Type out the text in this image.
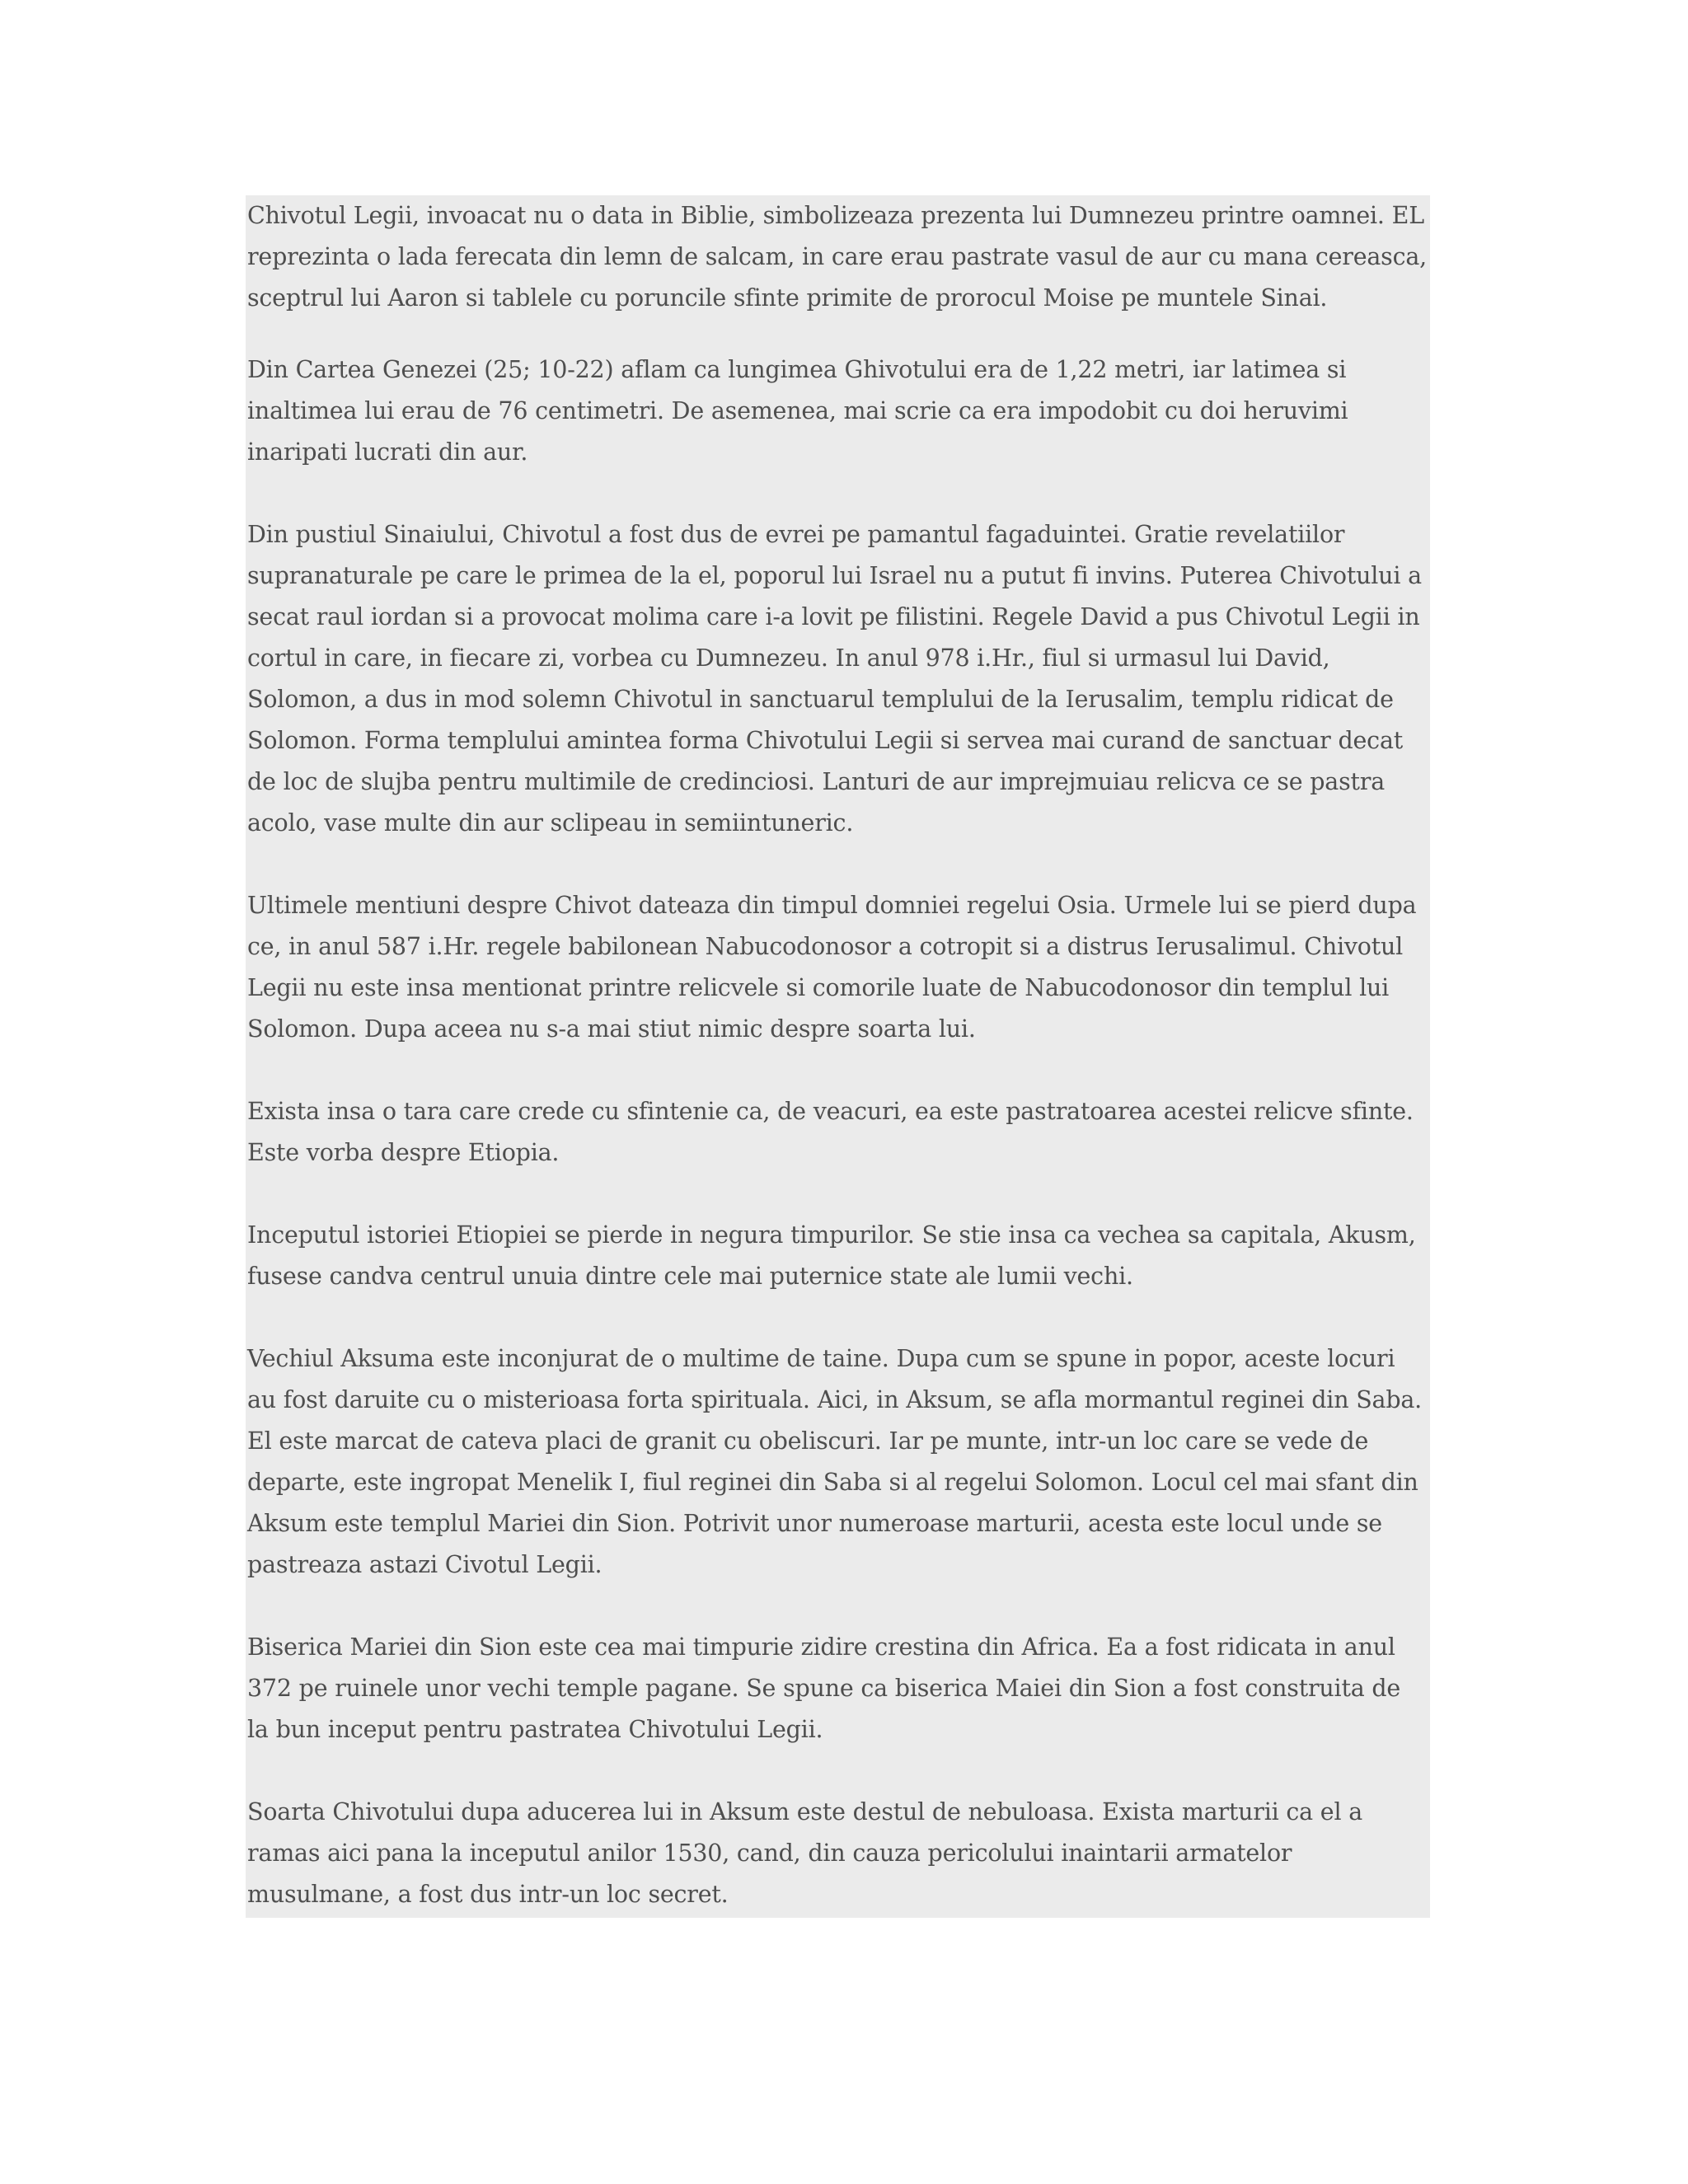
Chivotul Legii, invoacat nu o data in Biblie, simbolizeaza prezenta lui Dumnezeu printre oamnei. EL reprezinta o lada ferecata din lemn de salcam, in care erau pastrate vasul de aur cu mana cereasca, sceptrul lui Aaron si tablele cu poruncile sfinte primite de prorocul Moise pe muntele Sinai.

Din Cartea Genezei (25; 10-22) aflam ca lungimea Ghivotului era de 1,22 metri, iar latimea si inaltimea lui erau de 76 centimetri. De asemenea, mai scrie ca era impodobit cu doi heruvimi inaripati lucrati din aur.

Din pustiul Sinaiului, Chivotul a fost dus de evrei pe pamantul fagaduintei. Gratie revelatiilor supranaturale pe care le primea de la el, poporul lui Israel nu a putut fi invins. Puterea Chivotului a secat raul iordan si a provocat molima care i-a lovit pe filistini. Regele David a pus Chivotul Legii in cortul in care, in fiecare zi, vorbea cu Dumnezeu. In anul 978 i.Hr., fiul si urmasul lui David, Solomon, a dus in mod solemn Chivotul in sanctuarul templului de la Ierusalim, templu ridicat de Solomon. Forma templului amintea forma Chivotului Legii si servea mai curand de sanctuar decat de loc de slujba pentru multimile de credinciosi. Lanturi de aur imprejmuiau relicva ce se pastra acolo, vase multe din aur sclipeau in semiintuneric.

Ultimele mentiuni despre Chivot dateaza din timpul domniei regelui Osia. Urmele lui se pierd dupa ce, in anul 587 i.Hr. regele babilonean Nabucodonosor a cotropit si a distrus Ierusalimul. Chivotul Legii nu este insa mentionat printre relicvele si comorile luate de Nabucodonosor din templul lui Solomon. Dupa aceea nu s-a mai stiut nimic despre soarta lui.

Exista insa o tara care crede cu sfintenie ca, de veacuri, ea este pastratoarea acestei relicve sfinte. Este vorba despre Etiopia.

Inceputul istoriei Etiopiei se pierde in negura timpurilor. Se stie insa ca vechea sa capitala, Akusm, fusese candva centrul unuia dintre cele mai puternice state ale lumii vechi.

Vechiul Aksuma este inconjurat de o multime de taine. Dupa cum se spune in popor, aceste locuri au fost daruite cu o misterioasa forta spirituala. Aici, in Aksum, se afla mormantul reginei din Saba. El este marcat de cateva placi de granit cu obeliscuri. Iar pe munte, intr-un loc care se vede de departe, este ingropat Menelik I, fiul reginei din Saba si al regelui Solomon. Locul cel mai sfant din Aksum este templul Mariei din Sion. Potrivit unor numeroase marturii, acesta este locul unde se pastreaza astazi Civotul Legii.

Biserica Mariei din Sion este cea mai timpurie zidire crestina din Africa. Ea a fost ridicata in anul 372 pe ruinele unor vechi temple pagane. Se spune ca biserica Maiei din Sion a fost construita de la bun inceput pentru pastratea Chivotului Legii.

Soarta Chivotului dupa aducerea lui in Aksum este destul de nebuloasa. Exista marturii ca el a ramas aici pana la inceputul anilor 1530, cand, din cauza pericolului inaintarii armatelor musulmane, a fost dus intr-un loc secret.
